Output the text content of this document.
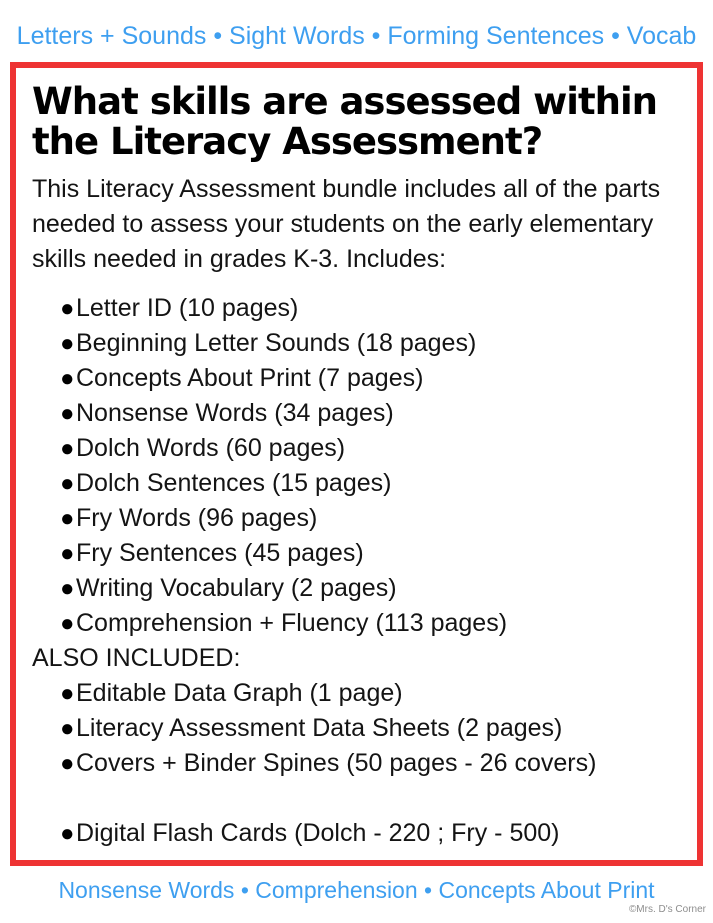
Letters + Sounds • Sight Words • Forming Sentences • Vocab
What skills are assessed within
the Literacy Assessment?

This Literacy Assessment bundle includes all of the parts needed to assess your students on the early elementary skills needed in grades K-3. Includes:

● Letter ID (10 pages)
● Beginning Letter Sounds (18 pages)
● Concepts About Print (7 pages)
● Nonsense Words (34 pages)
● Dolch Words (60 pages)
● Dolch Sentences (15 pages)
● Fry Words (96 pages)
● Fry Sentences (45 pages)
● Writing Vocabulary (2 pages)
● Comprehension + Fluency (113 pages)
ALSO INCLUDED:
● Editable Data Graph (1 page)
● Literacy Assessment Data Sheets (2 pages)
● Covers + Binder Spines (50 pages - 26 covers)
● Digital Flash Cards (Dolch - 220 ; Fry - 500)
Nonsense Words • Comprehension • Concepts About Print
©Mrs. D's Corner
